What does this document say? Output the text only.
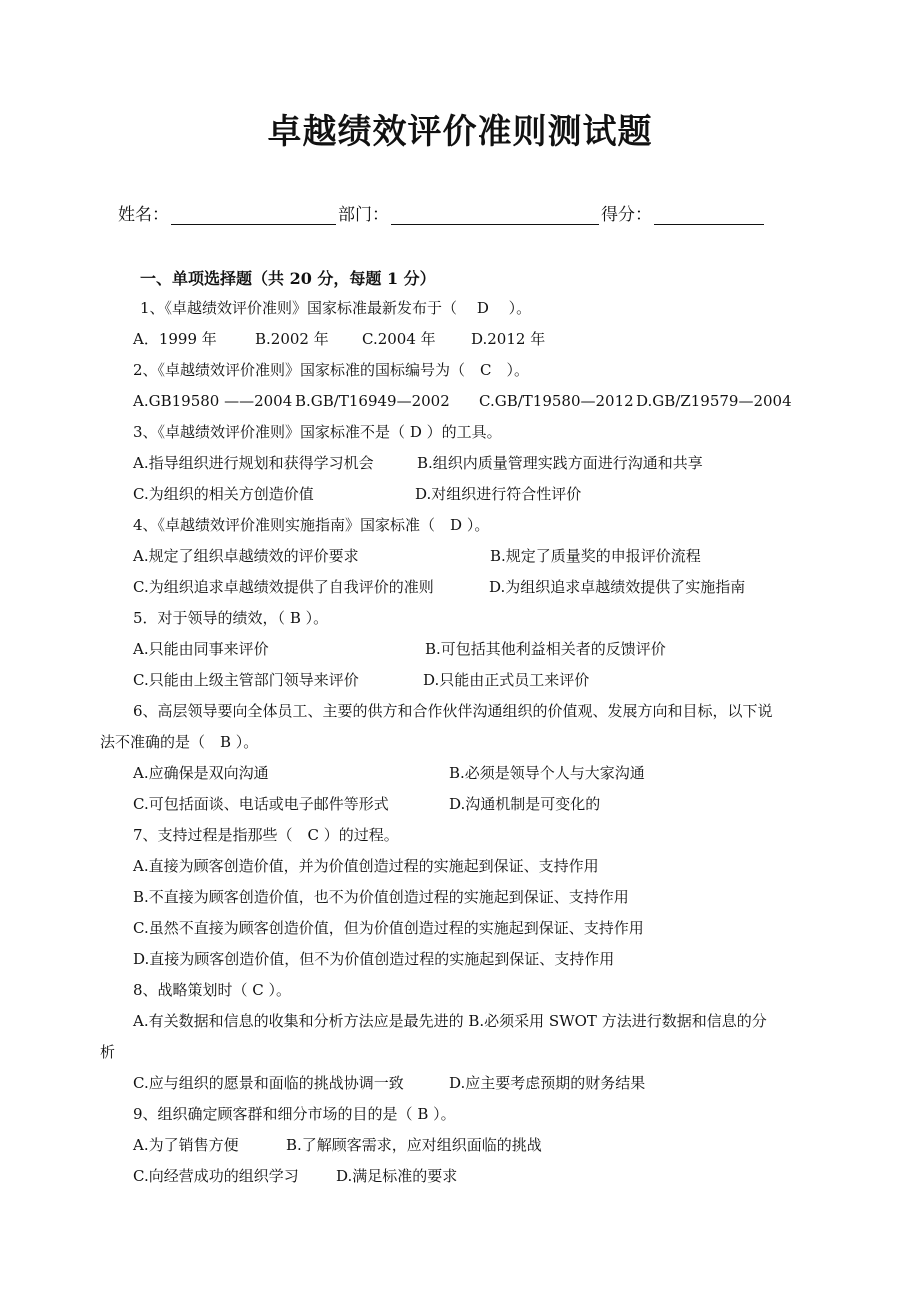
卓越绩效评价准则测试题
姓名：	部门：	得分：
一、单项选择题（共 20 分，每题 1 分）
1、《卓越绩效评价准则》国家标准最新发布于（　 D　 ）。
A．1999 年	B.2002 年 C.2004 年 D.2012 年
2、《卓越绩效评价准则》国家标准的国标编号为（　C　）。
A.GB19580 ——2004 B.GB/T16949—2002 C.GB/T19580—2012 D.GB/Z19579—2004
3、《卓越绩效评价准则》国家标准不是（ D ）的工具。
A.指导组织进行规划和获得学习机会	B.组织内质量管理实践方面进行沟通和共享
C.为组织的相关方创造价值	D.对组织进行符合性评价
4、《卓越绩效评价准则实施指南》国家标准（　D ）。
A.规定了组织卓越绩效的评价要求	B.规定了质量奖的申报评价流程
C.为组织追求卓越绩效提供了自我评价的准则	D.为组织追求卓越绩效提供了实施指南
5．对于领导的绩效，（ B ）。
A.只能由同事来评价	B.可包括其他利益相关者的反馈评价
C.只能由上级主管部门领导来评价	D.只能由正式员工来评价
6、高层领导要向全体员工、主要的供方和合作伙伴沟通组织的价值观、发展方向和目标，以下说
法不准确的是（　B ）。
A.应确保是双向沟通	B.必须是领导个人与大家沟通
C.可包括面谈、电话或电子邮件等形式	D.沟通机制是可变化的
7、支持过程是指那些（　C ）的过程。
A.直接为顾客创造价值，并为价值创造过程的实施起到保证、支持作用
B.不直接为顾客创造价值，也不为价值创造过程的实施起到保证、支持作用
C.虽然不直接为顾客创造价值，但为价值创造过程的实施起到保证、支持作用
D.直接为顾客创造价值，但不为价值创造过程的实施起到保证、支持作用
8、战略策划时（ C ）。
A.有关数据和信息的收集和分析方法应是最先进的 B.必须采用 SWOT 方法进行数据和信息的分
析
C.应与组织的愿景和面临的挑战协调一致	D.应主要考虑预期的财务结果
9、组织确定顾客群和细分市场的目的是（ B ）。
A.为了销售方便	B.了解顾客需求，应对组织面临的挑战
C.向经营成功的组织学习 D.满足标准的要求
